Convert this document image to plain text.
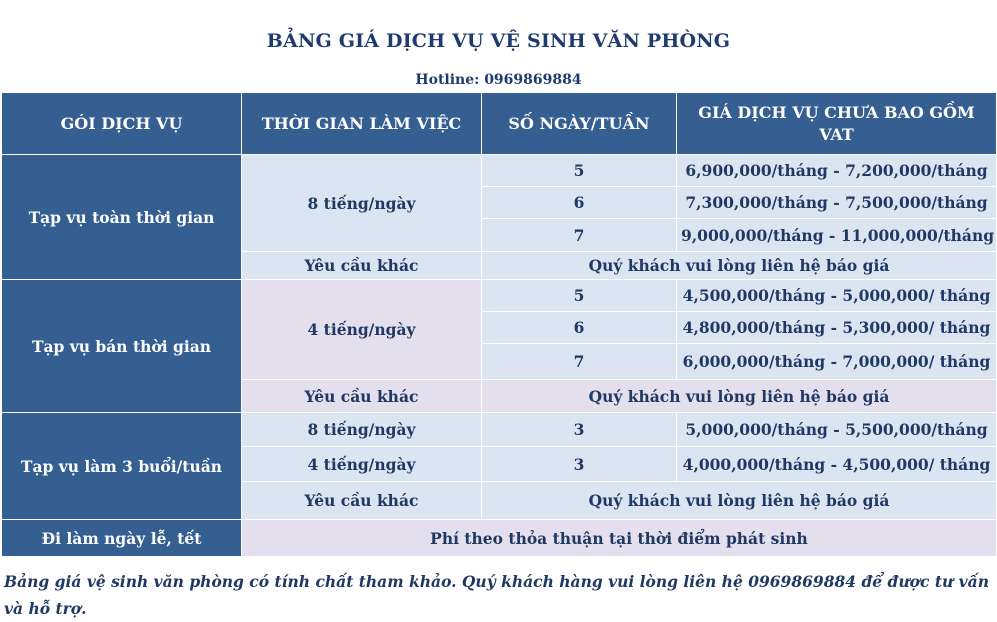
BẢNG GIÁ DỊCH VỤ VỆ SINH VĂN PHÒNG
Hotline: 0969869884
GÓI DỊCH VỤ	THỜI GIAN LÀM VIỆC	SỐ NGÀY/TUẦN	GIÁ DỊCH VỤ CHƯA BAO GỒM VAT
Tạp vụ toàn thời gian	8 tiếng/ngày	5	6,900,000/tháng - 7,200,000/tháng
		6	7,300,000/tháng - 7,500,000/tháng
		7	9,000,000/tháng - 11,000,000/tháng
	Yêu cầu khác	Quý khách vui lòng liên hệ báo giá	
Tạp vụ bán thời gian	4 tiếng/ngày	5	4,500,000/tháng - 5,000,000/ tháng
		6	4,800,000/tháng - 5,300,000/ tháng
		7	6,000,000/tháng - 7,000,000/ tháng
	Yêu cầu khác	Quý khách vui lòng liên hệ báo giá	
Tạp vụ làm 3 buổi/tuần	8 tiếng/ngày	3	5,000,000/tháng - 5,500,000/tháng
	4 tiếng/ngày	3	4,000,000/tháng - 4,500,000/ tháng
	Yêu cầu khác	Quý khách vui lòng liên hệ báo giá	
Đi làm ngày lễ, tết	Phí theo thỏa thuận tại thời điểm phát sinh		
Bảng giá vệ sinh văn phòng có tính chất tham khảo. Quý khách hàng vui lòng liên hệ 0969869884 để được tư vấn và hỗ trợ.
